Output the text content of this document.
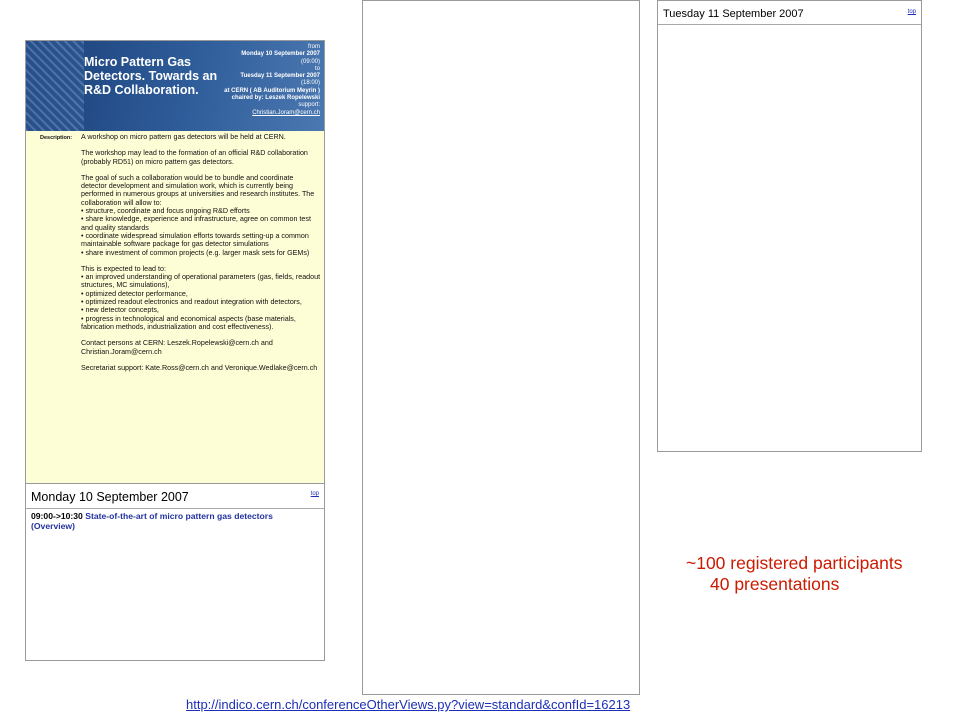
Micro Pattern Gas Detectors. Towards an R&D Collaboration.
from
Monday 10 September 2007
(09:00)
to
Tuesday 11 September 2007
(18:00)
at CERN ( AB Auditorium Meyrin )
chaired by: Leszek Ropelewski
support:
Christian.Joram@cern.ch
Description: A workshop on micro pattern gas detectors will be held at CERN.

The workshop may lead to the formation of an official R&D collaboration (probably RD51) on micro pattern gas detectors.

The goal of such a collaboration would be to bundle and coordinate detector development and simulation work, which is currently being performed in numerous groups at universities and research institutes. The collaboration will allow to:
• structure, coordinate and focus ongoing R&D efforts
• share knowledge, experience and infrastructure, agree on common test and quality standards
• coordinate widespread simulation efforts towards setting-up a common maintainable software package for gas detector simulations
• share investment of common projects (e.g. larger mask sets for GEMs)

This is expected to lead to:
• an improved understanding of operational parameters (gas, fields, readout structures, MC simulations),
• optimized detector performance,
• optimized readout electronics and readout integration with detectors,
• new detector concepts,
• progress in technological and economical aspects (base materials, fabrication methods, industrialization and cost effectiveness).

Contact persons at CERN: Leszek.Ropelewski@cern.ch and Christian.Joram@cern.ch

Secretariat support: Kate.Ross@cern.ch and Veronique.Wedlake@cern.ch

Monday 10 September 2007	top
09:00->10:30 State-of-the-art of micro pattern gas detectors (Overview)
Tuesday 11 September 2007	top
~100 registered participants
40 presentations
http://indico.cern.ch/conferenceOtherViews.py?view=standard&confId=16213
